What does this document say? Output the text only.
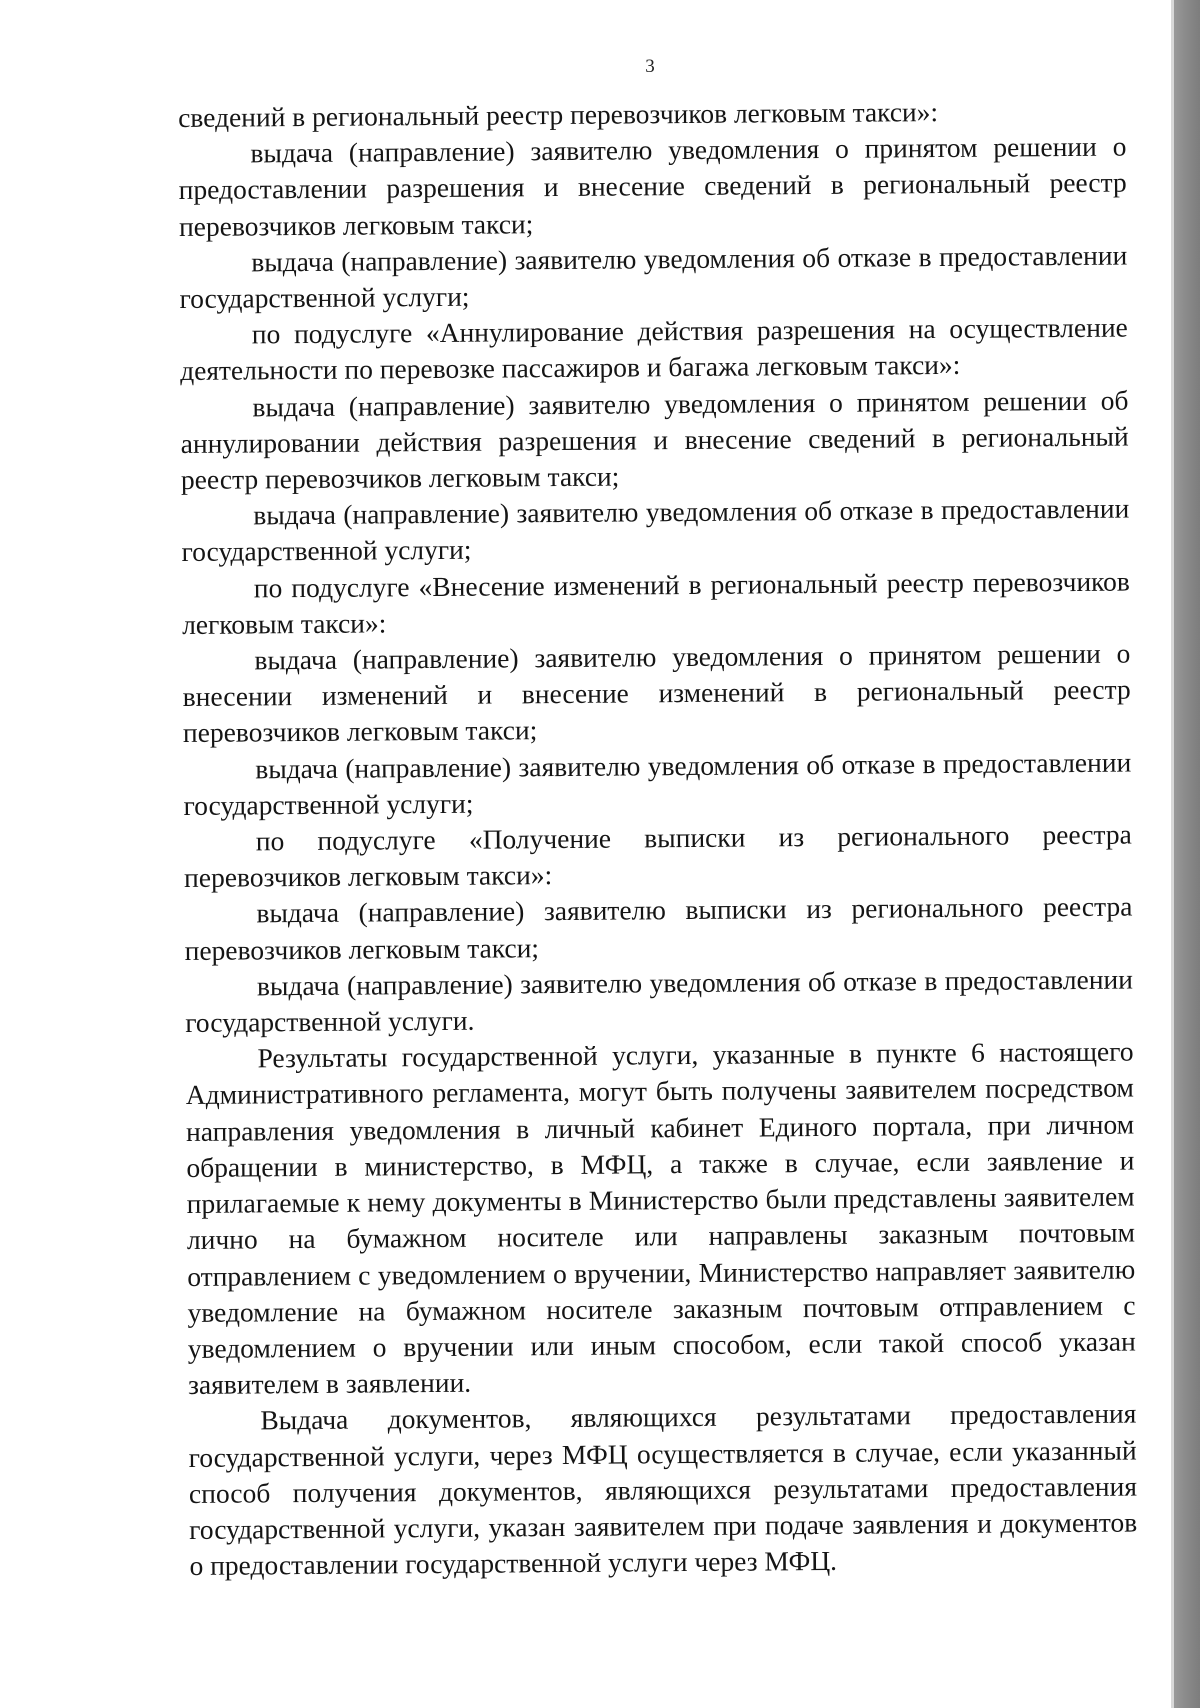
3

сведений в региональный реестр перевозчиков легковым такси»:

выдача (направление) заявителю уведомления о принятом решении о предоставлении разрешения и внесение сведений в региональный реестр перевозчиков легковым такси;

выдача (направление) заявителю уведомления об отказе в предоставлении государственной услуги;

по подуслуге «Аннулирование действия разрешения на осуществление деятельности по перевозке пассажиров и багажа легковым такси»:

выдача (направление) заявителю уведомления о принятом решении об аннулировании действия разрешения и внесение сведений в региональный реестр перевозчиков легковым такси;

выдача (направление) заявителю уведомления об отказе в предоставлении государственной услуги;

по подуслуге «Внесение изменений в региональный реестр перевозчиков легковым такси»:

выдача (направление) заявителю уведомления о принятом решении о внесении изменений и внесение изменений в региональный реестр перевозчиков легковым такси;

выдача (направление) заявителю уведомления об отказе в предоставлении государственной услуги;

по подуслуге «Получение выписки из регионального реестра перевозчиков легковым такси»:

выдача (направление) заявителю выписки из регионального реестра перевозчиков легковым такси;

выдача (направление) заявителю уведомления об отказе в предоставлении государственной услуги.

Результаты государственной услуги, указанные в пункте 6 настоящего Административного регламента, могут быть получены заявителем посредством направления уведомления в личный кабинет Единого портала, при личном обращении в министерство, в МФЦ, а также в случае, если заявление и прилагаемые к нему документы в Министерство были представлены заявителем лично на бумажном носителе или направлены заказным почтовым отправлением с уведомлением о вручении, Министерство направляет заявителю уведомление на бумажном носителе заказным почтовым отправлением с уведомлением о вручении или иным способом, если такой способ указан заявителем в заявлении.

Выдача документов, являющихся результатами предоставления государственной услуги, через МФЦ осуществляется в случае, если указанный способ получения документов, являющихся результатами предоставления государственной услуги, указан заявителем при подаче заявления и документов о предоставлении государственной услуги через МФЦ.
